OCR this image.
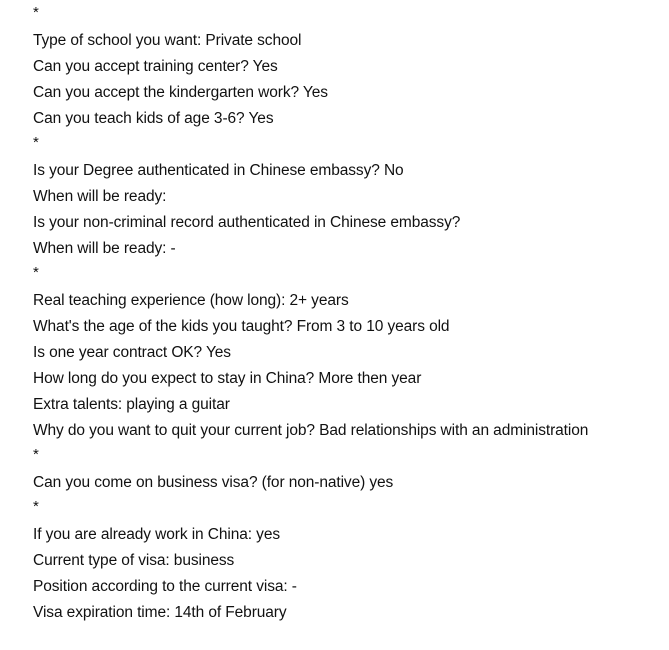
*
Type of school you want: Private school
Can you accept training center? Yes
Can you accept the kindergarten work? Yes
Can you teach kids of age 3-6? Yes
*
Is your Degree authenticated in Chinese embassy? No
When will be ready:
Is your non-criminal record authenticated in Chinese embassy?
When will be ready: -
*
Real teaching experience (how long): 2+ years
What's the age of the kids you taught? From 3 to 10 years old
Is one year contract OK? Yes
How long do you expect to stay in China? More then year
Extra talents: playing a guitar
Why do you want to quit your current job? Bad relationships with an administration
*
Can you come on business visa? (for non-native) yes
*
If you are already work in China: yes
Current type of visa: business
Position according to the current visa: -
Visa expiration time: 14th of February
